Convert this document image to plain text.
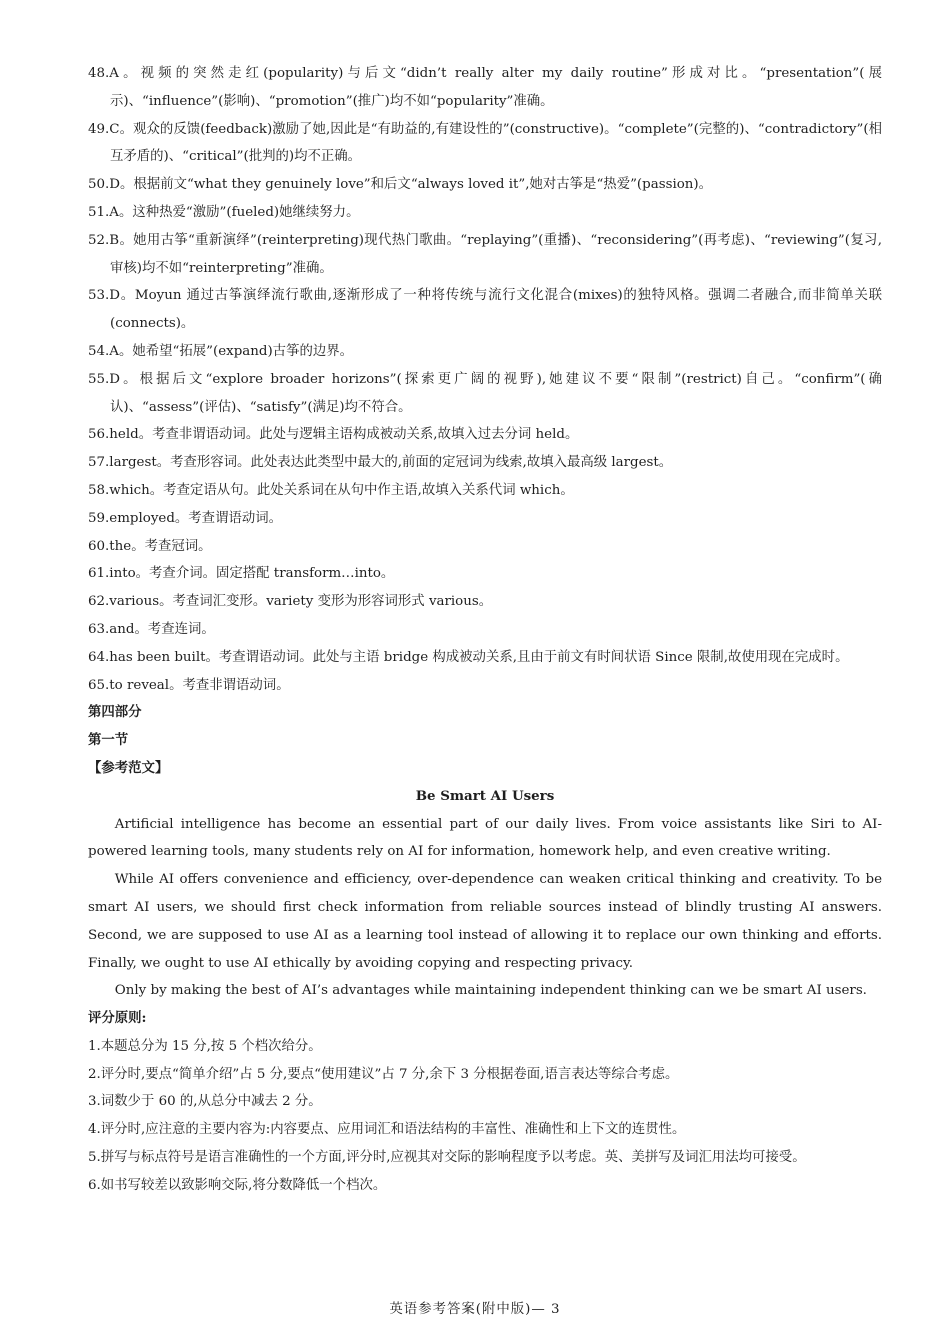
48.A。视频的突然走红(popularity)与后文“didn’t really alter my daily routine”形成对比。“presentation”(展示)、“influence”(影响)、“promotion”(推广)均不如“popularity”准确。

49.C。观众的反馈(feedback)激励了她,因此是“有助益的,有建设性的”(constructive)。“complete”(完整的)、“contradictory”(相互矛盾的)、“critical”(批判的)均不正确。

50.D。根据前文“what they genuinely love”和后文“always loved it”,她对古筝是“热爱”(passion)。

51.A。这种热爱“激励”(fueled)她继续努力。

52.B。她用古筝“重新演绎”(reinterpreting)现代热门歌曲。“replaying”(重播)、“reconsidering”(再考虑)、“reviewing”(复习,审核)均不如“reinterpreting”准确。

53.D。Moyun 通过古筝演绎流行歌曲,逐渐形成了一种将传统与流行文化混合(mixes)的独特风格。强调二者融合,而非简单关联(connects)。

54.A。她希望“拓展”(expand)古筝的边界。

55.D。根据后文“explore broader horizons”(探索更广阔的视野),她建议不要“限制”(restrict)自己。“confirm”(确认)、“assess”(评估)、“satisfy”(满足)均不符合。

56.held。考查非谓语动词。此处与逻辑主语构成被动关系,故填入过去分词 held。

57.largest。考查形容词。此处表达此类型中最大的,前面的定冠词为线索,故填入最高级 largest。

58.which。考查定语从句。此处关系词在从句中作主语,故填入关系代词 which。

59.employed。考查谓语动词。

60.the。考查冠词。

61.into。考查介词。固定搭配 transform…into。

62.various。考查词汇变形。variety 变形为形容词形式 various。

63.and。考查连词。

64.has been built。考查谓语动词。此处与主语 bridge 构成被动关系,且由于前文有时间状语 Since 限制,故使用现在完成时。

65.to reveal。考查非谓语动词。

第四部分

第一节

【参考范文】

Be Smart AI Users

Artificial intelligence has become an essential part of our daily lives. From voice assistants like Siri to AI-powered learning tools, many students rely on AI for information, homework help, and even creative writing.

While AI offers convenience and efficiency, over-dependence can weaken critical thinking and creativity. To be smart AI users, we should first check information from reliable sources instead of blindly trusting AI answers. Second, we are supposed to use AI as a learning tool instead of allowing it to replace our own thinking and efforts. Finally, we ought to use AI ethically by avoiding copying and respecting privacy.

Only by making the best of AI’s advantages while maintaining independent thinking can we be smart AI users.

评分原则:

1.本题总分为 15 分,按 5 个档次给分。

2.评分时,要点“简单介绍”占 5 分,要点“使用建议”占 7 分,余下 3 分根据卷面,语言表达等综合考虑。

3.词数少于 60 的,从总分中减去 2 分。

4.评分时,应注意的主要内容为:内容要点、应用词汇和语法结构的丰富性、准确性和上下文的连贯性。

5.拼写与标点符号是语言准确性的一个方面,评分时,应视其对交际的影响程度予以考虑。英、美拼写及词汇用法均可接受。

6.如书写较差以致影响交际,将分数降低一个档次。

英语参考答案(附中版)— 3
